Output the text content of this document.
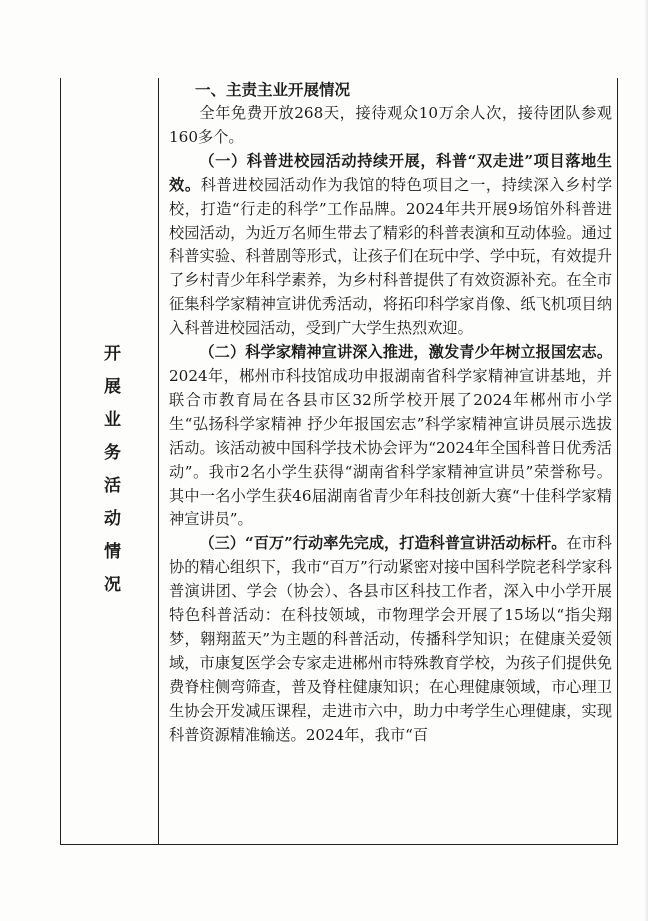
开展业务活动情况
一、主责主业开展情况

全年免费开放268天，接待观众10万余人次，接待团队参观160多个。

（一）科普进校园活动持续开展，科普“双走进”项目落地生效。科普进校园活动作为我馆的特色项目之一，持续深入乡村学校，打造“行走的科学”工作品牌。2024年共开展9场馆外科普进校园活动，为近万名师生带去了精彩的科普表演和互动体验。通过科普实验、科普剧等形式，让孩子们在玩中学、学中玩，有效提升了乡村青少年科学素养，为乡村科普提供了有效资源补充。在全市征集科学家精神宣讲优秀活动，将拓印科学家肖像、纸飞机项目纳入科普进校园活动，受到广大学生热烈欢迎。

（二）科学家精神宣讲深入推进，激发青少年树立报国宏志。2024年，郴州市科技馆成功申报湖南省科学家精神宣讲基地，并联合市教育局在各县市区32所学校开展了2024年郴州市小学生“弘扬科学家精神 抒少年报国宏志”科学家精神宣讲员展示选拔活动。该活动被中国科学技术协会评为“2024年全国科普日优秀活动”。我市2名小学生获得“湖南省科学家精神宣讲员”荣誉称号。其中一名小学生获46届湖南省青少年科技创新大赛“十佳科学家精神宣讲员”。

（三）“百万”行动率先完成，打造科普宣讲活动标杆。在市科协的精心组织下，我市“百万”行动紧密对接中国科学院老科学家科普演讲团、学会（协会）、各县市区科技工作者，深入中小学开展特色科普活动：在科技领域，市物理学会开展了15场以“指尖翔梦，翱翔蓝天”为主题的科普活动，传播科学知识；在健康关爱领域，市康复医学会专家走进郴州市特殊教育学校，为孩子们提供免费脊柱侧弯筛查，普及脊柱健康知识；在心理健康领域，市心理卫生协会开发减压课程，走进市六中，助力中考学生心理健康，实现科普资源精准输送。2024年，我市“百
